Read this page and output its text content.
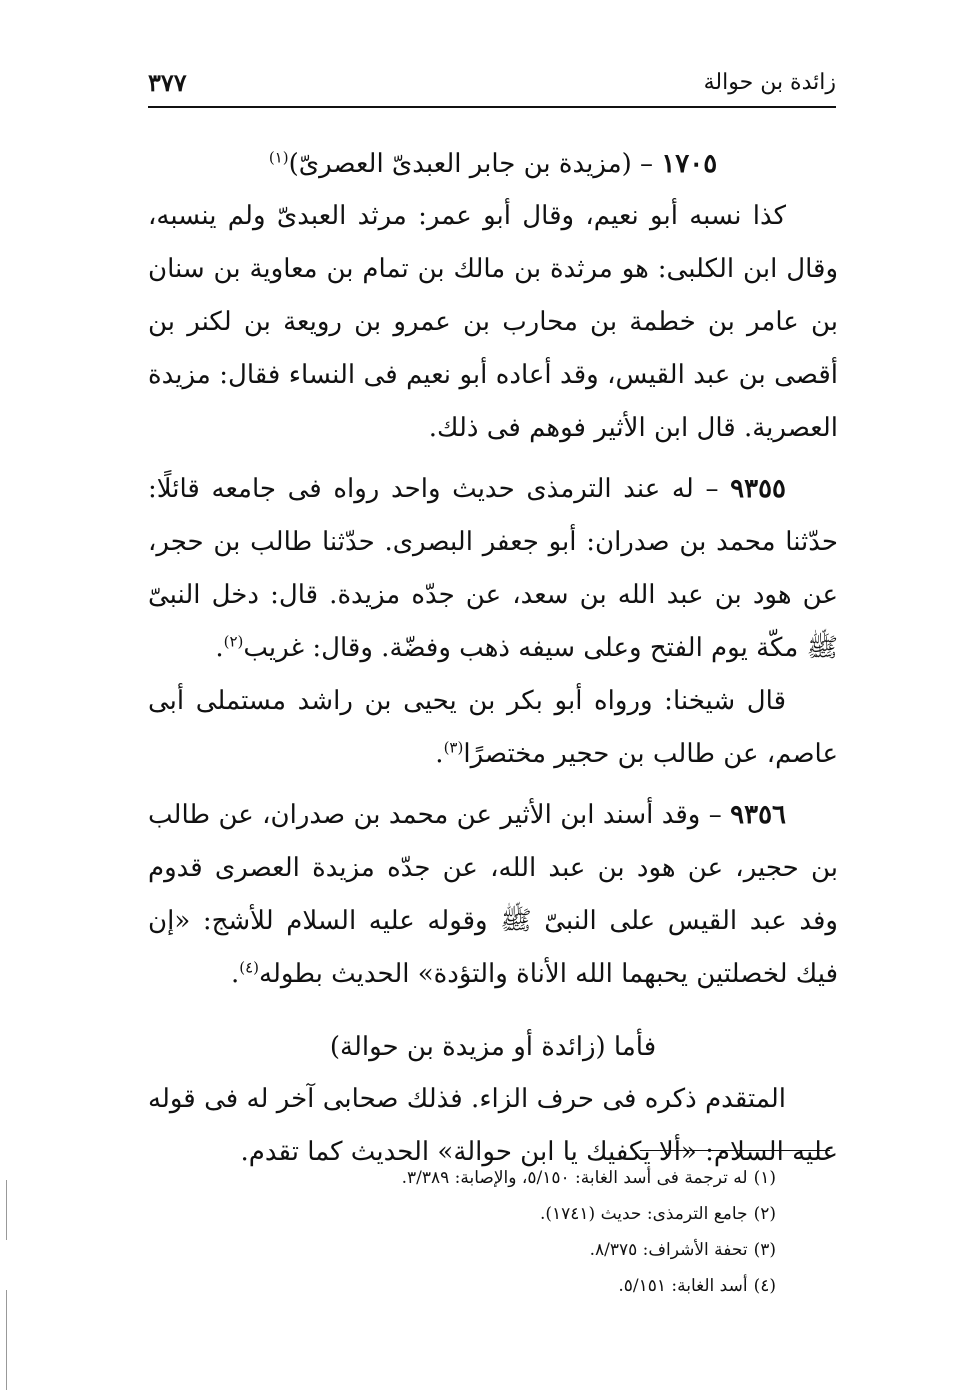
زائدة بن حوالة
٣٧٧

١٧٠٥ – (مزيدة بن جابر العبدىّ العصرىّ)$^{(١)}$

كذا نسبه أبو نعيم، وقال أبو عمر: مرثد العبدىّ ولم ينسبه، وقال ابن الكلبى: هو مرثدة بن مالك بن تمام بن معاوية بن سنان بن عامر بن خطمة بن محارب بن عمرو بن رويعة بن لكنر بن أقصى بن عبد القيس، وقد أعاده أبو نعيم فى النساء فقال: مزيدة العصرية. قال ابن الأثير فوهم فى ذلك.

٩٣٥٥ – له عند الترمذى حديث واحد رواه فى جامعه قائلًا: حدّثنا محمد بن صدران: أبو جعفر البصرى. حدّثنا طالب بن حجر، عن هود بن عبد الله بن سعد، عن جدّه مزيدة. قال: دخل النبىّ ﷺ مكّة يوم الفتح وعلى سيفه ذهب وفضّة. وقال: غريب$^{(٢)}$.

قال شيخنا: ورواه أبو بكر بن يحيى بن راشد مستملى أبى عاصم، عن طالب بن حجير مختصرًا$^{(٣)}$.

٩٣٥٦ – وقد أسند ابن الأثير عن محمد بن صدران، عن طالب بن حجير، عن هود بن عبد الله، عن جدّه مزيدة العصرى قدوم وفد عبد القيس على النبىّ ﷺ وقوله عليه السلام للأشج: «إن فيك لخصلتين يحبهما الله الأناة والتؤدة» الحديث بطوله$^{(٤)}$.

فأما (زائدة أو مزيدة بن حوالة)

المتقدم ذكره فى حرف الزاء. فذلك صحابى آخر له فى قوله عليه السلام: «ألا يكفيك يا ابن حوالة» الحديث كما تقدم.

(١)له ترجمة فى أسد الغابة: ٥/١٥٠، والإصابة: ٣/٣٨٩.

(٢)جامع الترمذى: حديث (١٧٤١).

(٣)تحفة الأشراف: ٨/٣٧٥.

(٤)أسد الغابة: ٥/١٥١.
